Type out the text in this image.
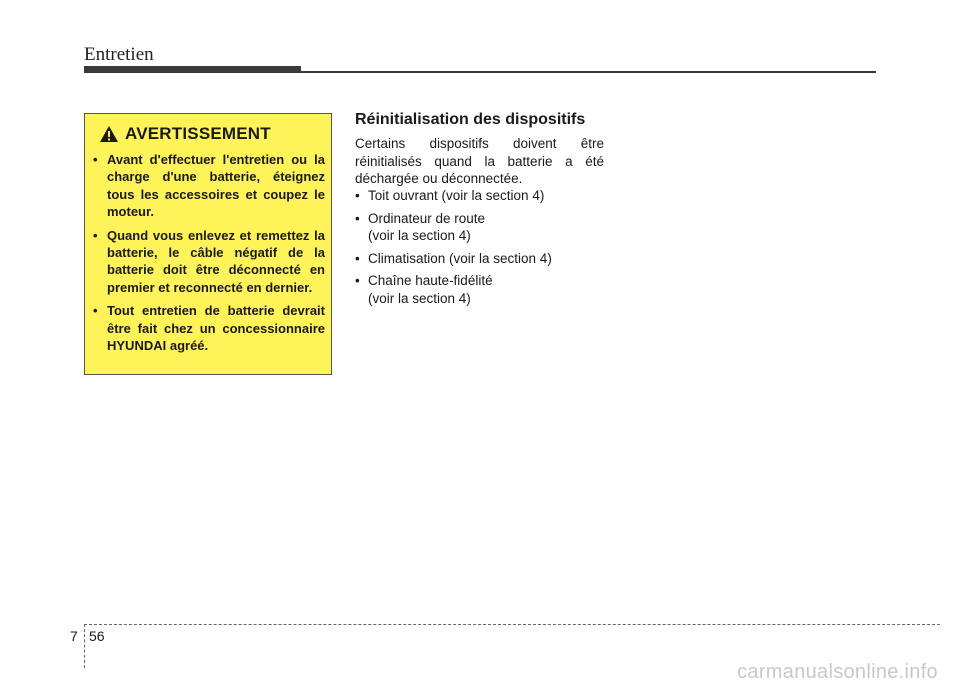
Entretien
AVERTISSEMENT
• Avant d'effectuer l'entretien ou la charge d'une batterie, éteignez tous les accessoires et coupez le moteur.
• Quand vous enlevez et remettez la batterie, le câble négatif de la batterie doit être déconnecté en premier et reconnecté en dernier.
• Tout entretien de batterie devrait être fait chez un concessionnaire HYUNDAI agréé.
Réinitialisation des dispositifs

Certains dispositifs doivent être réinitialisés quand la batterie a été déchargée ou déconnectée.

• Toit ouvrant (voir la section 4)
• Ordinateur de route
(voir la section 4)
• Climatisation (voir la section 4)
• Chaîne haute-fidélité
(voir la section 4)
7 56
carmanualsonline.info
